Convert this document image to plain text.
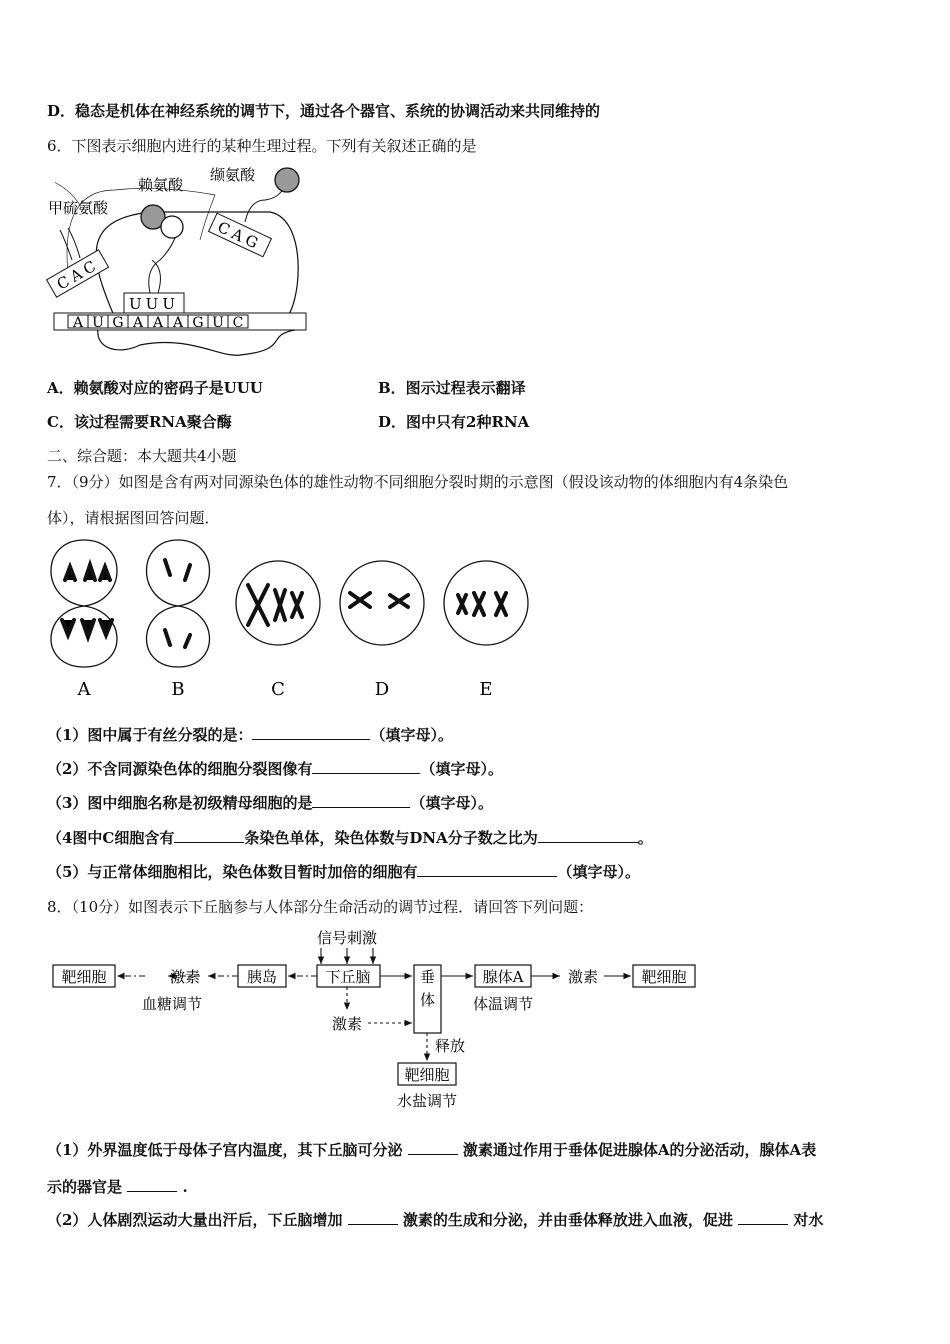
D．稳态是机体在神经系统的调节下，通过各个器官、系统的协调活动来共同维持的
6．下图表示细胞内进行的某种生理过程。下列有关叙述正确的是
A U G A A A G U C
UUU
CAC
CAG
甲硫氨酸
赖氨酸
缬氨酸
A．赖氨酸对应的密码子是UUU	B．图示过程表示翻译
C．该过程需要RNA聚合酶	D．图中只有2种RNA
二、综合题：本大题共4小题
7．（9分）如图是含有两对同源染色体的雄性动物不同细胞分裂时期的示意图（假设该动物的体细胞内有4条染色
体），请根据图回答问题．
A	B	C	D	E
（1）图中属于有丝分裂的是：	（填字母）。
（2）不含同源染色体的细胞分裂图像有	（填字母）。
（3）图中细胞名称是初级精母细胞的是	（填字母）。
（4图中C细胞含有	条染色单体，染色体数与DNA分子数之比为	。
（5）与正常体细胞相比，染色体数目暂时加倍的细胞有	（填字母）。
8．（10分）如图表示下丘脑参与人体部分生命活动的调节过程．请回答下列问题：
信号刺激
靶细胞	激素	胰岛	下丘脑	垂体	腺体A	激素	靶细胞
血糖调节	体温调节
激素
释放
靶细胞
水盐调节
（1）外界温度低于母体子宫内温度，其下丘脑可分泌	激素通过作用于垂体促进腺体A的分泌活动，腺体A表
示的器官是	.
（2）人体剧烈运动大量出汗后，下丘脑增加	激素的生成和分泌，并由垂体释放进入血液，促进	对水
